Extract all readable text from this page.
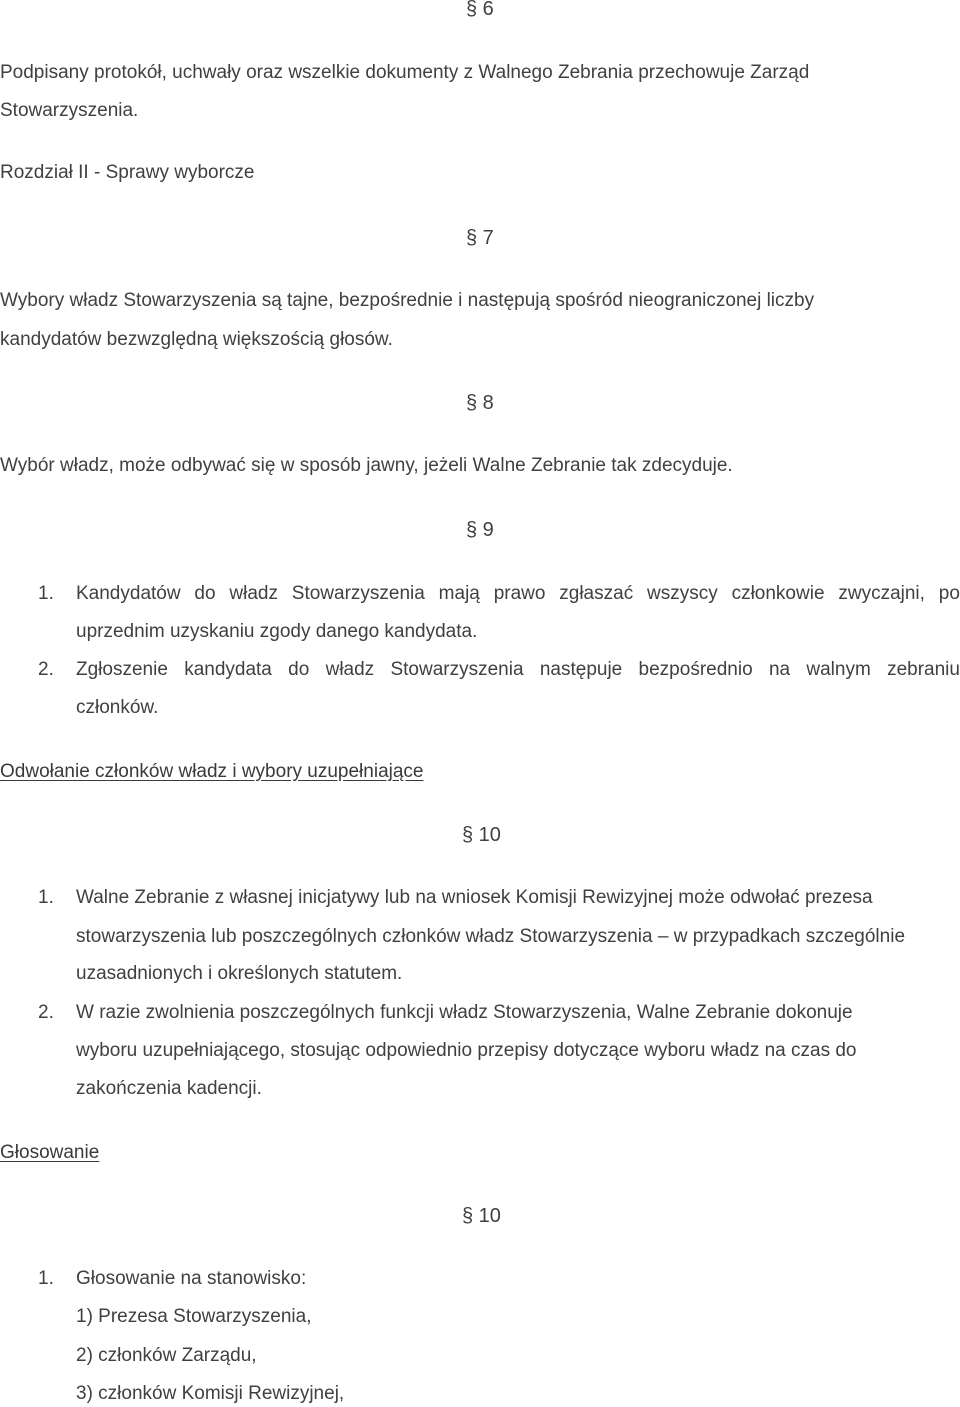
§ 6
Podpisany protokół, uchwały oraz wszelkie dokumenty z Walnego Zebrania przechowuje Zarząd
Stowarzyszenia.
Rozdział II - Sprawy wyborcze
§ 7
Wybory władz Stowarzyszenia są tajne, bezpośrednie i następują spośród nieograniczonej liczby
kandydatów bezwzględną większością głosów.
§ 8
Wybór władz, może odbywać się w sposób jawny, jeżeli Walne Zebranie tak zdecyduje.
§ 9
1. Kandydatów do władz Stowarzyszenia mają prawo zgłaszać wszyscy członkowie zwyczajni, po
uprzednim uzyskaniu zgody danego kandydata.
2. Zgłoszenie kandydata do władz Stowarzyszenia następuje bezpośrednio na walnym zebraniu
członków.
Odwołanie członków władz i wybory uzupełniające
§ 10
1. Walne Zebranie z własnej inicjatywy lub na wniosek Komisji Rewizyjnej może odwołać prezesa
stowarzyszenia lub poszczególnych członków władz Stowarzyszenia – w przypadkach szczególnie
uzasadnionych i określonych statutem.
2. W razie zwolnienia poszczególnych funkcji władz Stowarzyszenia, Walne Zebranie dokonuje
wyboru uzupełniającego, stosując odpowiednio przepisy dotyczące wyboru władz na czas do
zakończenia kadencji.
Głosowanie
§ 10
1. Głosowanie na stanowisko:
1) Prezesa Stowarzyszenia,
2) członków Zarządu,
3) członków Komisji Rewizyjnej,
